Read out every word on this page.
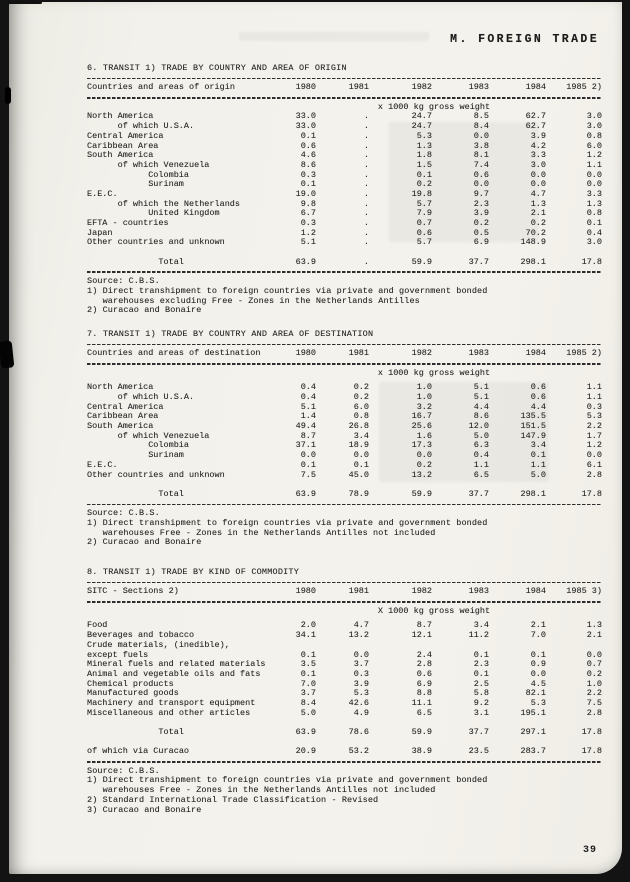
M. FOREIGN TRADE
6. TRANSIT 1) TRADE BY COUNTRY AND AREA OF ORIGIN
Countries and areas of origin	1980	1981	1982	1983	1984	1985 2)
x 1000 kg gross weight
North America	33.0	.	24.7	8.5	62.7	3.0
of which U.S.A.	33.0	.	24.7	8.4	62.7	3.0
Central America	0.1	.	5.3	0.0	3.9	0.8
Caribbean Area	0.6	.	1.3	3.8	4.2	6.0
South America	4.6	.	1.8	8.1	3.3	1.2
of which Venezuela	8.6	.	1.5	7.4	3.0	1.1
Colombia	0.3	.	0.1	0.6	0.0	0.0
Surinam	0.1	.	0.2	0.0	0.0	0.0
E.E.C.	19.0	.	19.8	9.7	4.7	3.3
of which the Netherlands	9.8	.	5.7	2.3	1.3	1.3
United Kingdom	6.7	.	7.9	3.9	2.1	0.8
EFTA - countries	0.3	.	0.7	0.2	0.2	0.1
Japan	1.2	.	0.6	0.5	70.2	0.4
Other countries and unknown	5.1	.	5.7	6.9	148.9	3.0
Total	63.9	.	59.9	37.7	298.1	17.8
Source: C.B.S.
1) Direct transhipment to foreign countries via private and government bonded
warehouses excluding Free - Zones in the Netherlands Antilles
2) Curacao and Bonaire
7. TRANSIT 1) TRADE BY COUNTRY AND AREA OF DESTINATION
Countries and areas of destination	1980	1981	1982	1983	1984	1985 2)
x 1000 kg gross weight
North America	0.4	0.2	1.0	5.1	0.6	1.1
of which U.S.A.	0.4	0.2	1.0	5.1	0.6	1.1
Central America	5.1	6.0	3.2	4.4	4.4	0.3
Caribbean Area	1.4	0.8	16.7	8.6	135.5	5.3
South America	49.4	26.8	25.6	12.0	151.5	2.2
of which Venezuela	8.7	3.4	1.6	5.0	147.9	1.7
Colombia	37.1	18.9	17.3	6.3	3.4	1.2
Surinam	0.0	0.0	0.0	0.4	0.1	0.0
E.E.C.	0.1	0.1	0.2	1.1	1.1	6.1
Other countries and unknown	7.5	45.0	13.2	6.5	5.0	2.8
Total	63.9	78.9	59.9	37.7	298.1	17.8
Source: C.B.S.
1) Direct transhipment to foreign countries via private and government bonded
warehouses Free - Zones in the Netherlands Antilles not included
2) Curacao and Bonaire
8. TRANSIT 1) TRADE BY KIND OF COMMODITY
SITC - Sections 2)	1980	1981	1982	1983	1984	1985 3)
X 1000 kg gross weight
Food	2.0	4.7	8.7	3.4	2.1	1.3
Beverages and tobacco	34.1	13.2	12.1	11.2	7.0	2.1
Crude materials, (inedible),
except fuels	0.1	0.0	2.4	0.1	0.1	0.0
Mineral fuels and related materials	3.5	3.7	2.8	2.3	0.9	0.7
Animal and vegetable oils and fats	0.1	0.3	0.6	0.1	0.0	0.2
Chemical products	7.0	3.9	6.9	2.5	4.5	1.0
Manufactured goods	3.7	5.3	8.8	5.8	82.1	2.2
Machinery and transport equipment	8.4	42.6	11.1	9.2	5.3	7.5
Miscellaneous and other articles	5.0	4.9	6.5	3.1	195.1	2.8
Total	63.9	78.6	59.9	37.7	297.1	17.8
of which via Curacao	20.9	53.2	38.9	23.5	283.7	17.8
Source: C.B.S.
1) Direct transhipment to foreign countries via private and government bonded
warehouses Free - Zones in the Netherlands Antilles not included
2) Standard International Trade Classification - Revised
3) Curacao and Bonaire
39
